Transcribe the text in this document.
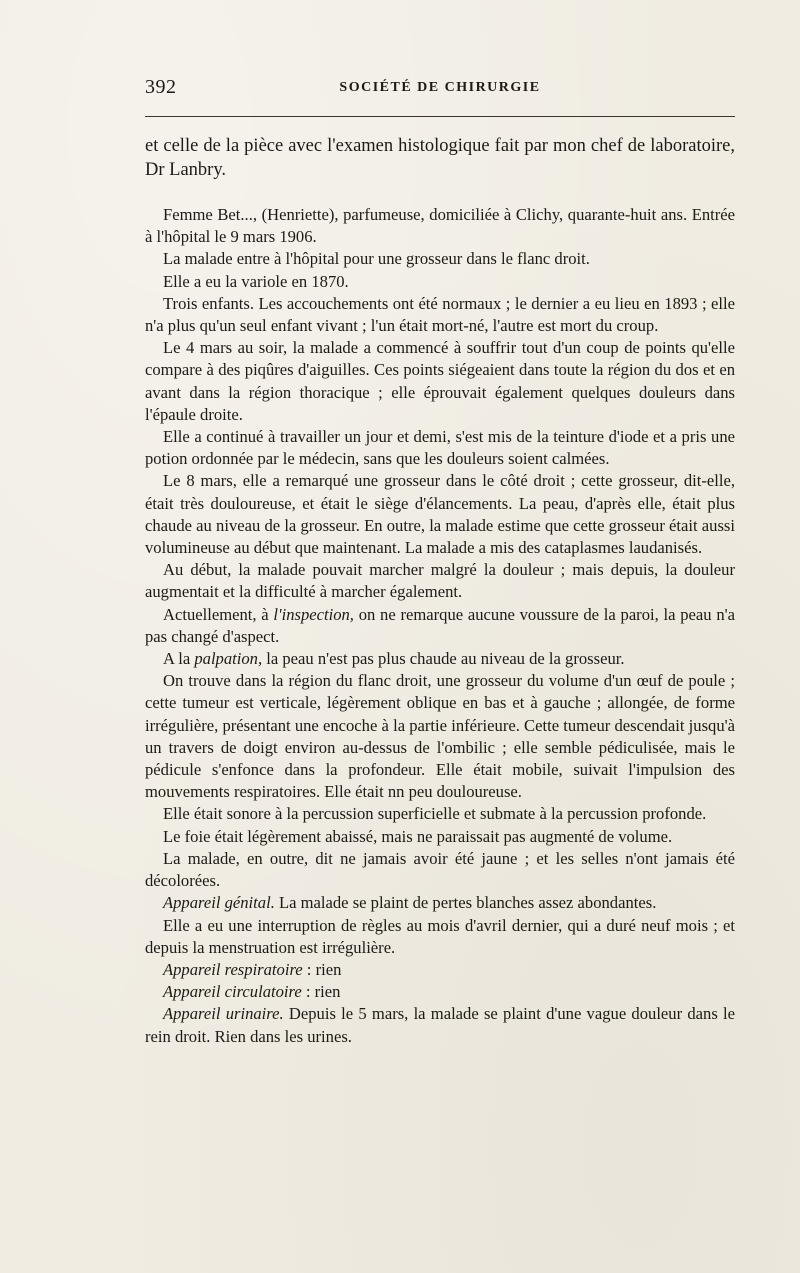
392	SOCIÉTÉ DE CHIRURGIE

et celle de la pièce avec l'examen histologique fait par mon chef de laboratoire, Dr Lanbry.

Femme Bet..., (Henriette), parfumeuse, domiciliée à Clichy, quarante-huit ans. Entrée à l'hôpital le 9 mars 1906.

La malade entre à l'hôpital pour une grosseur dans le flanc droit.

Elle a eu la variole en 1870.

Trois enfants. Les accouchements ont été normaux ; le dernier a eu lieu en 1893 ; elle n'a plus qu'un seul enfant vivant ; l'un était mort-né, l'autre est mort du croup.

Le 4 mars au soir, la malade a commencé à souffrir tout d'un coup de points qu'elle compare à des piqûres d'aiguilles. Ces points siégeaient dans toute la région du dos et en avant dans la région thoracique ; elle éprouvait également quelques douleurs dans l'épaule droite.

Elle a continué à travailler un jour et demi, s'est mis de la teinture d'iode et a pris une potion ordonnée par le médecin, sans que les douleurs soient calmées.

Le 8 mars, elle a remarqué une grosseur dans le côté droit ; cette grosseur, dit-elle, était très douloureuse, et était le siège d'élancements. La peau, d'après elle, était plus chaude au niveau de la grosseur. En outre, la malade estime que cette grosseur était aussi volumineuse au début que maintenant. La malade a mis des cataplasmes laudanisés.

Au début, la malade pouvait marcher malgré la douleur ; mais depuis, la douleur augmentait et la difficulté à marcher également.

Actuellement, à l'inspection, on ne remarque aucune voussure de la paroi, la peau n'a pas changé d'aspect.

A la palpation, la peau n'est pas plus chaude au niveau de la grosseur.

On trouve dans la région du flanc droit, une grosseur du volume d'un œuf de poule ; cette tumeur est verticale, légèrement oblique en bas et à gauche ; allongée, de forme irrégulière, présentant une encoche à la partie inférieure. Cette tumeur descendait jusqu'à un travers de doigt environ au-dessus de l'ombilic ; elle semble pédiculisée, mais le pédicule s'enfonce dans la profondeur. Elle était mobile, suivait l'impulsion des mouvements respiratoires. Elle était nn peu douloureuse.

Elle était sonore à la percussion superficielle et submate à la percussion profonde.

Le foie était légèrement abaissé, mais ne paraissait pas augmenté de volume.

La malade, en outre, dit ne jamais avoir été jaune ; et les selles n'ont jamais été décolorées.

Appareil génital. La malade se plaint de pertes blanches assez abondantes.

Elle a eu une interruption de règles au mois d'avril dernier, qui a duré neuf mois ; et depuis la menstruation est irrégulière.

Appareil respiratoire : rien

Appareil circulatoire : rien

Appareil urinaire. Depuis le 5 mars, la malade se plaint d'une vague douleur dans le rein droit. Rien dans les urines.
